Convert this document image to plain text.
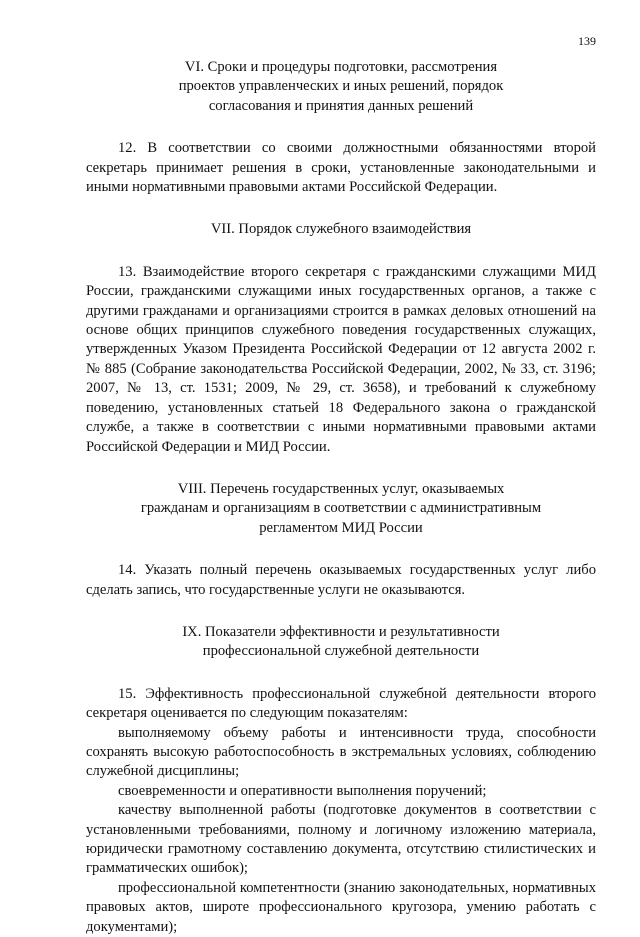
139
VI. Сроки и процедуры подготовки, рассмотрения
проектов управленческих и иных решений, порядок
согласования и принятия данных решений

12. В соответствии со своими должностными обязанностями второй секретарь принимает решения в сроки, установленные законодательными и иными нормативными правовыми актами Российской Федерации.

VII. Порядок служебного взаимодействия

13. Взаимодействие второго секретаря с гражданскими служащими МИД России, гражданскими служащими иных государственных органов, а также с другими гражданами и организациями строится в рамках деловых отношений на основе общих принципов служебного поведения государственных служащих, утвержденных Указом Президента Российской Федерации от 12 августа 2002 г. № 885 (Собрание законодательства Российской Федерации, 2002, № 33, ст. 3196; 2007, № 13, ст. 1531; 2009, № 29, ст. 3658), и требований к служебному поведению, установленных статьей 18 Федерального закона о гражданской службе, а также в соответствии с иными нормативными правовыми актами Российской Федерации и МИД России.

VIII. Перечень государственных услуг, оказываемых
гражданам и организациям в соответствии с административным
регламентом МИД России

14. Указать полный перечень оказываемых государственных услуг либо сделать запись, что государственные услуги не оказываются.

IX. Показатели эффективности и результативности
профессиональной служебной деятельности

15. Эффективность профессиональной служебной деятельности второго секретаря оценивается по следующим показателям:

выполняемому объему работы и интенсивности труда, способности сохранять высокую работоспособность в экстремальных условиях, соблюдению служебной дисциплины;

своевременности и оперативности выполнения поручений;

качеству выполненной работы (подготовке документов в соответствии с установленными требованиями, полному и логичному изложению материала, юридически грамотному составлению документа, отсутствию стилистических и грамматических ошибок);

профессиональной компетентности (знанию законодательных, нормативных правовых актов, широте профессионального кругозора, умению работать с документами);
